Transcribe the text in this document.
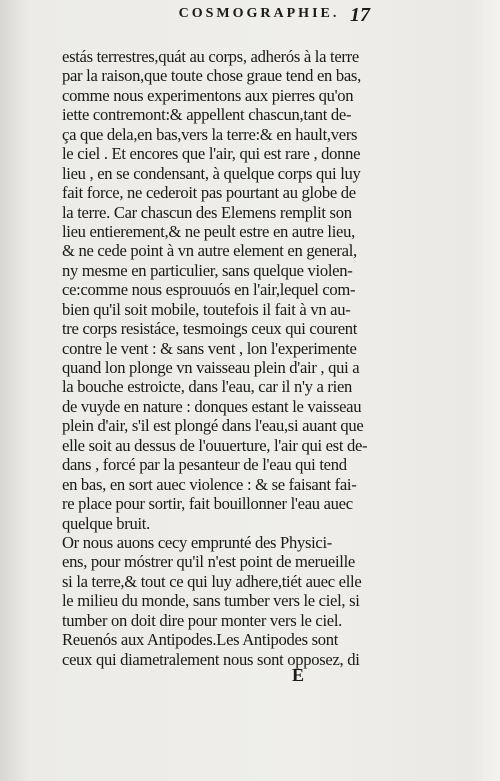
COSMOGRAPHIE. 17
estás terrestres,quát au corps, adherós à la terre
par la raison,que toute chose graue tend en bas,
comme nous experimentons aux pierres qu'on
iette contremont:& appellent chascun,tant de-
ça que dela,en bas,vers la terre:& en hault,vers
le ciel . Et encores que l'air, qui est rare , donne
lieu , en se condensant, à quelque corps qui luy
fait force, ne cederoit pas pourtant au globe de
la terre. Car chascun des Elemens remplit son
lieu entierement,& ne peult estre en autre lieu,
& ne cede point à vn autre element en general,
ny mesme en particulier, sans quelque violen-
ce:comme nous esprouuós en l'air,lequel com-
bien qu'il soit mobile, toutefois il fait à vn au-
tre corps resistáce, tesmoings ceux qui courent
contre le vent : & sans vent , lon l'experimente
quand lon plonge vn vaisseau plein d'air , qui a
la bouche estroicte, dans l'eau, car il n'y a rien
de vuyde en nature : donques estant le vaisseau
plein d'air, s'il est plongé dans l'eau,si auant que
elle soit au dessus de l'ouuerture, l'air qui est de-
dans , forcé par la pesanteur de l'eau qui tend
en bas, en sort auec violence : & se faisant fai-
re place pour sortir, fait bouillonner l'eau auec
quelque bruit.
Or nous auons cecy emprunté des Physici-
ens, pour móstrer qu'il n'est point de merueille
si la terre,& tout ce qui luy adhere,tiét auec elle
le milieu du monde, sans tumber vers le ciel, si
tumber on doit dire pour monter vers le ciel.
Reuenós aux Antipodes.Les Antipodes sont
ceux qui diametralement nous sont opposez, di
E
